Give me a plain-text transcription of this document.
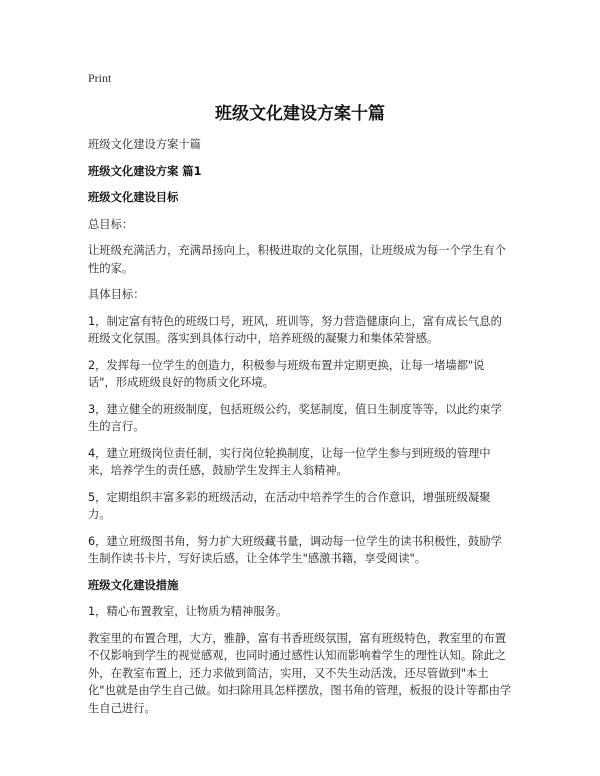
Print
班级文化建设方案十篇

班级文化建设方案十篇

班级文化建设方案 篇1

班级文化建设目标

总目标：

让班级充满活力，充满昂扬向上，积极进取的文化氛围，让班级成为每一个学生有个性的家。

具体目标：

1，制定富有特色的班级口号，班风，班训等，努力营造健康向上，富有成长气息的班级文化氛围。落实到具体行动中，培养班级的凝聚力和集体荣誉感。

2，发挥每一位学生的创造力，积极参与班级布置并定期更换，让每一堵墙都"说话"，形成班级良好的物质文化环境。

3，建立健全的班级制度，包括班级公约，奖惩制度，值日生制度等等，以此约束学生的言行。

4，建立班级岗位责任制，实行岗位轮换制度，让每一位学生参与到班级的管理中来，培养学生的责任感，鼓励学生发挥主人翁精神。

5，定期组织丰富多彩的班级活动，在活动中培养学生的合作意识，增强班级凝聚力。

6，建立班级图书角，努力扩大班级藏书量，调动每一位学生的读书积极性，鼓励学生制作读书卡片，写好读后感，让全体学生"感激书籍，享受阅读"。

班级文化建设措施

1，精心布置教室，让物质为精神服务。

教室里的布置合理，大方，雅静，富有书香班级氛围，富有班级特色，教室里的布置不仅影响到学生的视觉感观，也同时通过感性认知而影响着学生的理性认知。除此之外，在教室布置上，还力求做到简洁，实用，又不失生动活泼，还尽管做到"本土化"也就是由学生自己做。如扫除用具怎样摆放，图书角的管理，板报的设计等都由学生自己进行。
